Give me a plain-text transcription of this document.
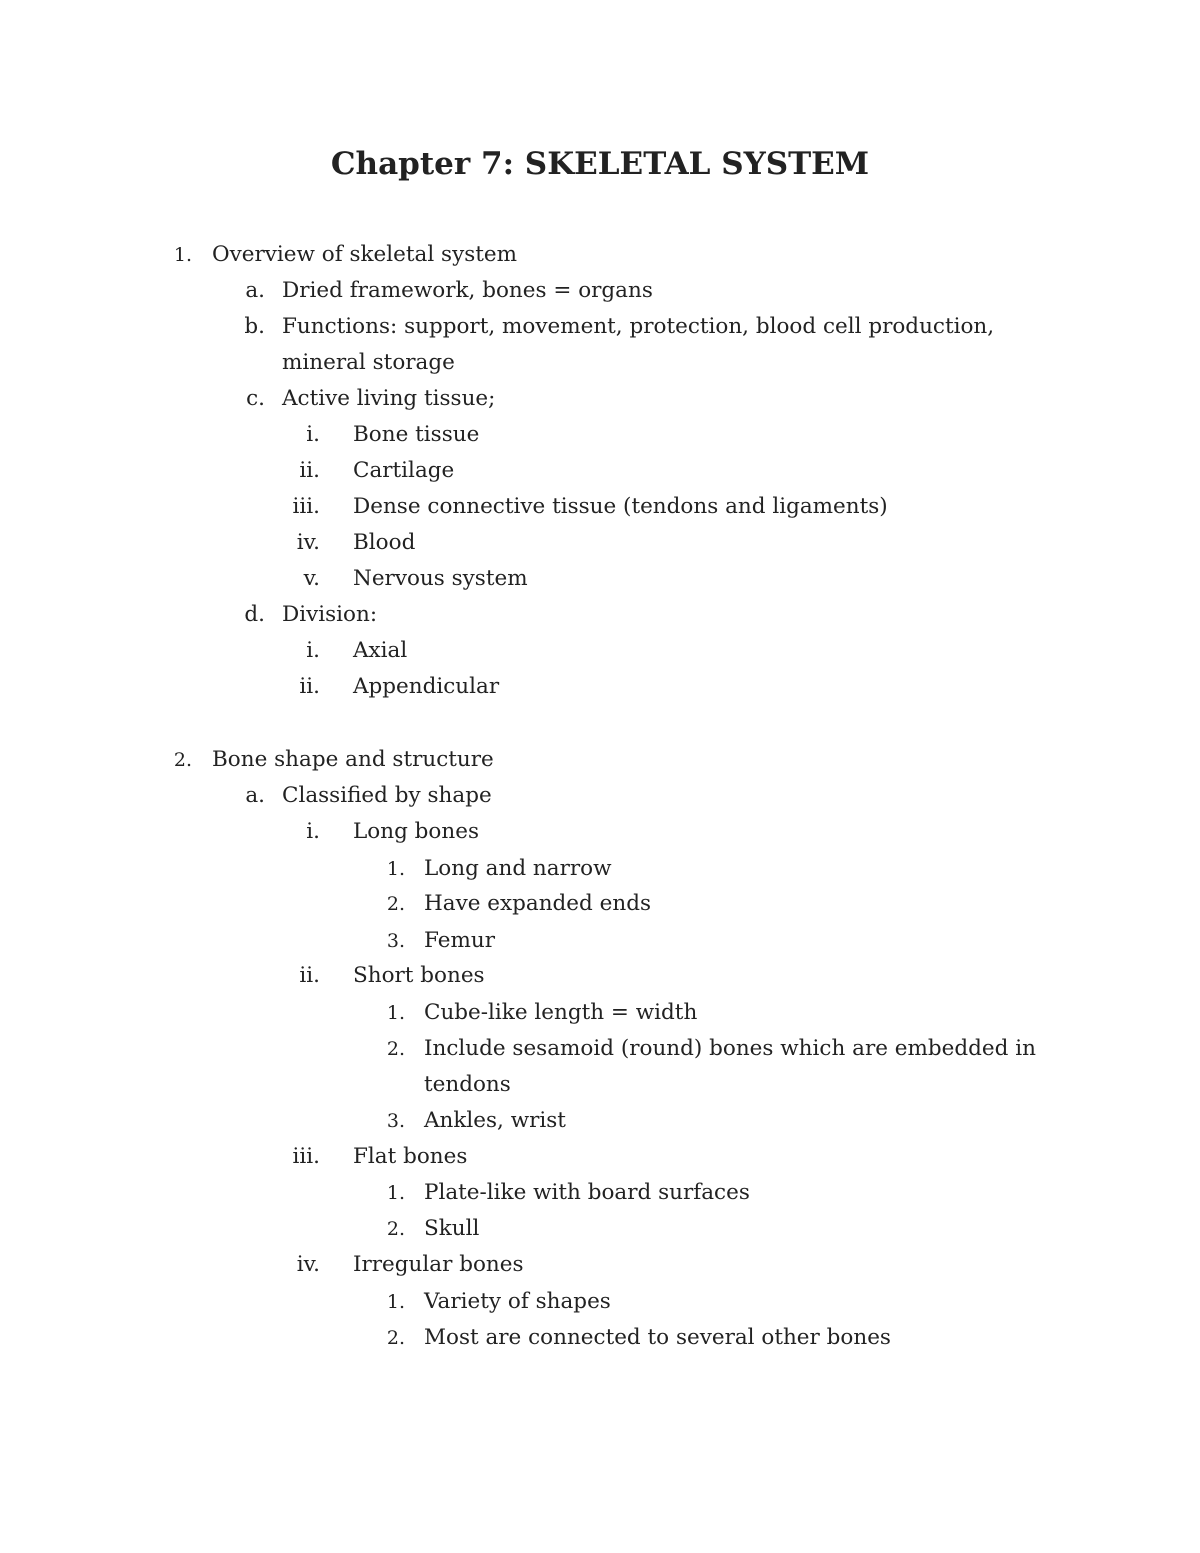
Chapter 7: SKELETAL SYSTEM
1. Overview of skeletal system
a. Dried framework, bones = organs
b. Functions: support, movement, protection, blood cell production,
mineral storage
c. Active living tissue;
i. Bone tissue
ii. Cartilage
iii. Dense connective tissue (tendons and ligaments)
iv. Blood
v. Nervous system
d. Division:
i. Axial
ii. Appendicular
2. Bone shape and structure
a. Classified by shape
i. Long bones
1. Long and narrow
2. Have expanded ends
3. Femur
ii. Short bones
1. Cube-like length = width
2. Include sesamoid (round) bones which are embedded in
tendons
3. Ankles, wrist
iii. Flat bones
1. Plate-like with board surfaces
2. Skull
iv. Irregular bones
1. Variety of shapes
2. Most are connected to several other bones
